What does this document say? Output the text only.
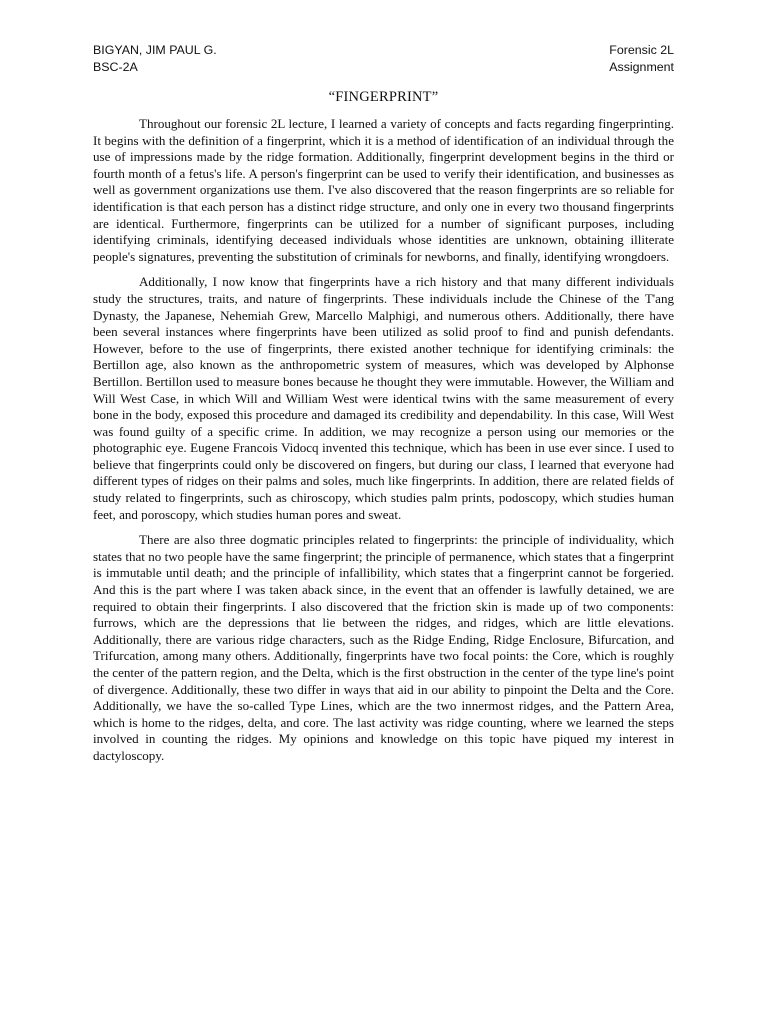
BIGYAN, JIM PAUL G.
BSC-2A
Forensic 2L
Assignment
“FINGERPRINT”

Throughout our forensic 2L lecture, I learned a variety of concepts and facts regarding fingerprinting. It begins with the definition of a fingerprint, which it is a method of identification of an individual through the use of impressions made by the ridge formation. Additionally, fingerprint development begins in the third or fourth month of a fetus's life. A person's fingerprint can be used to verify their identification, and businesses as well as government organizations use them. I've also discovered that the reason fingerprints are so reliable for identification is that each person has a distinct ridge structure, and only one in every two thousand fingerprints are identical. Furthermore, fingerprints can be utilized for a number of significant purposes, including identifying criminals, identifying deceased individuals whose identities are unknown, obtaining illiterate people's signatures, preventing the substitution of criminals for newborns, and finally, identifying wrongdoers.

Additionally, I now know that fingerprints have a rich history and that many different individuals study the structures, traits, and nature of fingerprints. These individuals include the Chinese of the T'ang Dynasty, the Japanese, Nehemiah Grew, Marcello Malphigi, and numerous others. Additionally, there have been several instances where fingerprints have been utilized as solid proof to find and punish defendants. However, before to the use of fingerprints, there existed another technique for identifying criminals: the Bertillon age, also known as the anthropometric system of measures, which was developed by Alphonse Bertillon. Bertillon used to measure bones because he thought they were immutable. However, the William and Will West Case, in which Will and William West were identical twins with the same measurement of every bone in the body, exposed this procedure and damaged its credibility and dependability. In this case, Will West was found guilty of a specific crime. In addition, we may recognize a person using our memories or the photographic eye. Eugene Francois Vidocq invented this technique, which has been in use ever since. I used to believe that fingerprints could only be discovered on fingers, but during our class, I learned that everyone had different types of ridges on their palms and soles, much like fingerprints. In addition, there are related fields of study related to fingerprints, such as chiroscopy, which studies palm prints, podoscopy, which studies human feet, and poroscopy, which studies human pores and sweat.

There are also three dogmatic principles related to fingerprints: the principle of individuality, which states that no two people have the same fingerprint; the principle of permanence, which states that a fingerprint is immutable until death; and the principle of infallibility, which states that a fingerprint cannot be forgeried. And this is the part where I was taken aback since, in the event that an offender is lawfully detained, we are required to obtain their fingerprints. I also discovered that the friction skin is made up of two components: furrows, which are the depressions that lie between the ridges, and ridges, which are little elevations. Additionally, there are various ridge characters, such as the Ridge Ending, Ridge Enclosure, Bifurcation, and Trifurcation, among many others. Additionally, fingerprints have two focal points: the Core, which is roughly the center of the pattern region, and the Delta, which is the first obstruction in the center of the type line's point of divergence. Additionally, these two differ in ways that aid in our ability to pinpoint the Delta and the Core. Additionally, we have the so-called Type Lines, which are the two innermost ridges, and the Pattern Area, which is home to the ridges, delta, and core. The last activity was ridge counting, where we learned the steps involved in counting the ridges. My opinions and knowledge on this topic have piqued my interest in dactyloscopy.
